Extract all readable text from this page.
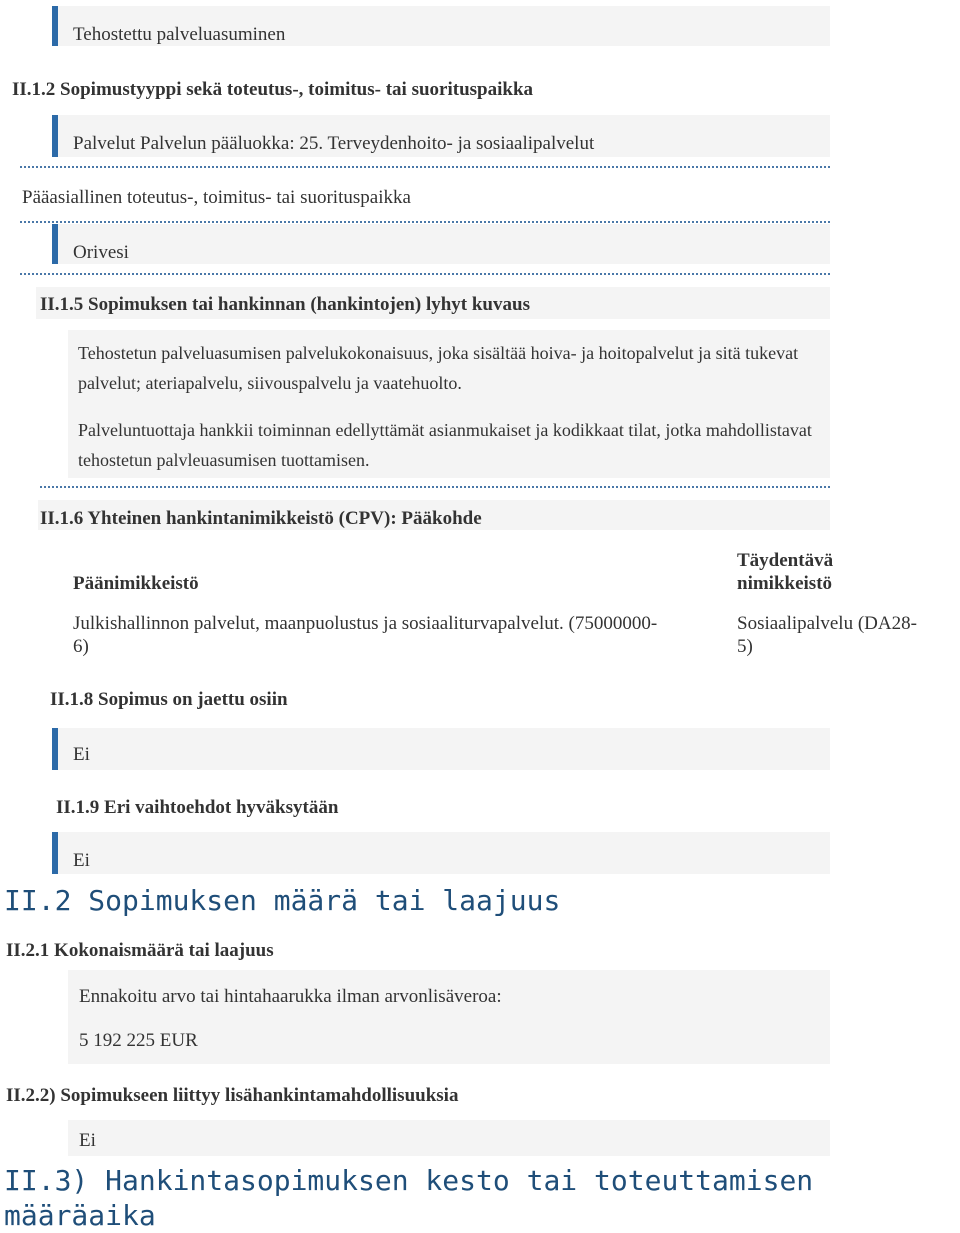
Tehostettu palveluasuminen
II.1.2 Sopimustyyppi sekä toteutus-, toimitus- tai suorituspaikka
Palvelut Palvelun pääluokka: 25. Terveydenhoito- ja sosiaalipalvelut
Pääasiallinen toteutus-, toimitus- tai suorituspaikka
Orivesi
II.1.5 Sopimuksen tai hankinnan (hankintojen) lyhyt kuvaus
Tehostetun palveluasumisen palvelukokonaisuus, joka sisältää hoiva- ja hoitopalvelut ja sitä tukevat palvelut; ateriapalvelu, siivouspalvelu ja vaatehuolto.
Palveluntuottaja hankkii toiminnan edellyttämät asianmukaiset ja kodikkaat tilat, jotka mahdollistavat tehostetun palvleuasumisen tuottamisen.
II.1.6 Yhteinen hankintanimikkeistö (CPV): Pääkohde
Päänimikkeistö
Täydentävä
nimikkeistö
Julkishallinnon palvelut, maanpuolustus ja sosiaaliturvapalvelut. (75000000-
6)
Sosiaalipalvelu (DA28-
5)
II.1.8 Sopimus on jaettu osiin
Ei
II.1.9 Eri vaihtoehdot hyväksytään
Ei
II.2 Sopimuksen määrä tai laajuus
II.2.1 Kokonaismäärä tai laajuus
Ennakoitu arvo tai hintahaarukka ilman arvonlisäveroa:
5 192 225 EUR
II.2.2) Sopimukseen liittyy lisähankintamahdollisuuksia
Ei
II.3) Hankintasopimuksen kesto tai toteuttamisen
määräaika
